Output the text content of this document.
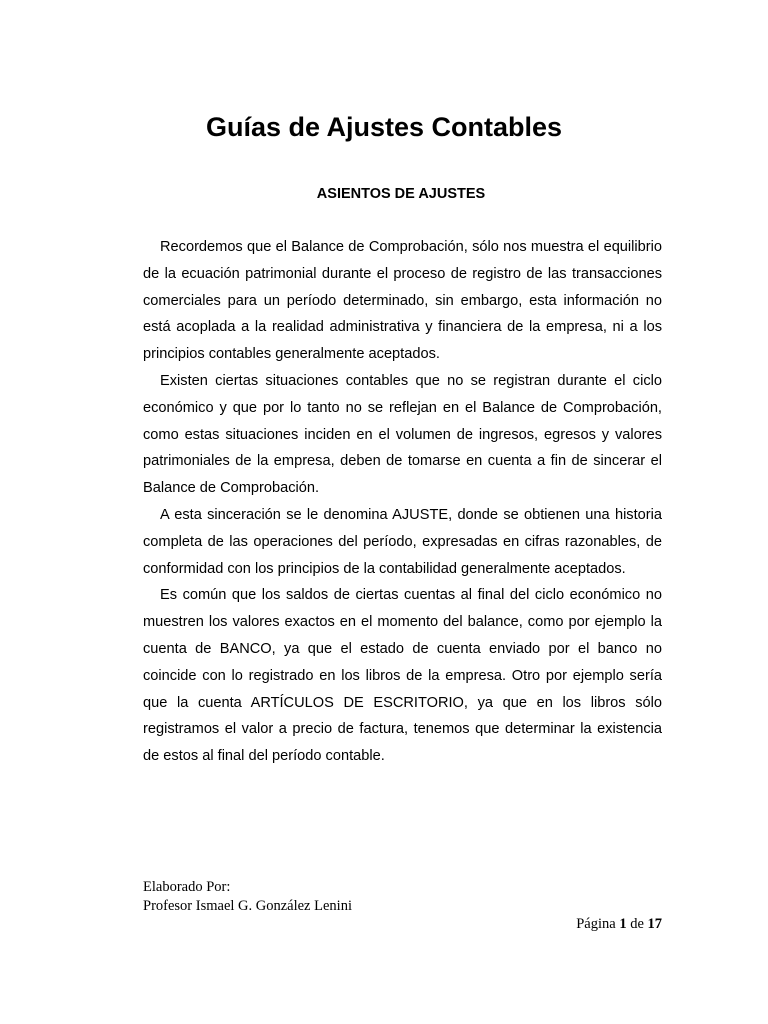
Guías de Ajustes Contables
ASIENTOS DE AJUSTES

Recordemos que el Balance de Comprobación, sólo nos muestra el equilibrio de la ecuación patrimonial durante el proceso de registro de las transacciones comerciales para un período determinado, sin embargo, esta información no está acoplada a la realidad administrativa y financiera de la empresa, ni a los principios contables generalmente aceptados.

Existen ciertas situaciones contables que no se registran durante el ciclo económico y que por lo tanto no se reflejan en el Balance de Comprobación, como estas situaciones inciden en el volumen de ingresos, egresos y valores patrimoniales de la empresa, deben de tomarse en cuenta a fin de sincerar el Balance de Comprobación.

A esta sinceración se le denomina AJUSTE, donde se obtienen una historia completa de las operaciones del período, expresadas en cifras razonables, de conformidad con los principios de la contabilidad generalmente aceptados.

Es común que los saldos de ciertas cuentas al final del ciclo económico no muestren los valores exactos en el momento del balance, como por ejemplo la cuenta de BANCO, ya que el estado de cuenta enviado por el banco no coincide con lo registrado en los libros de la empresa. Otro por ejemplo sería que la cuenta ARTÍCULOS DE ESCRITORIO, ya que en los libros sólo registramos el valor a precio de factura, tenemos que determinar la existencia de estos al final del período contable.

Elaborado Por:
Profesor Ismael G. González Lenini
Página 1 de 17
